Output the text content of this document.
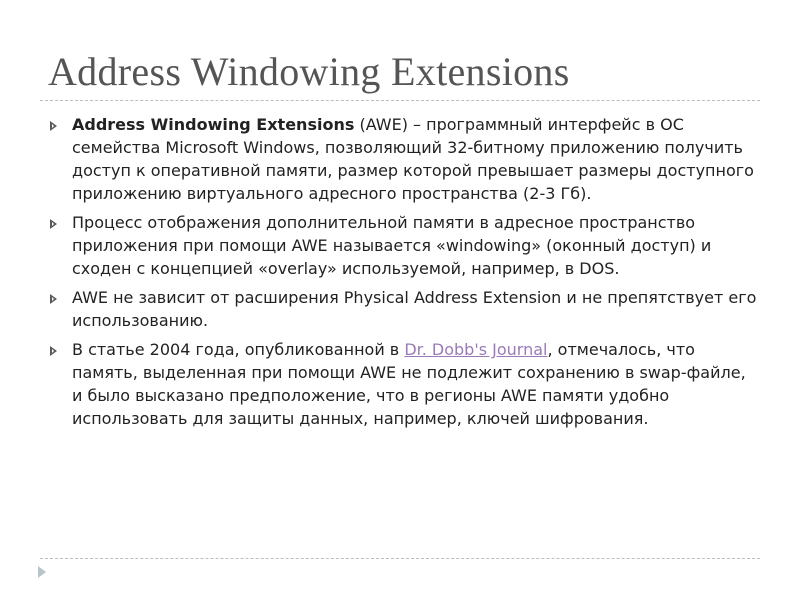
Address Windowing Extensions
Address Windowing Extensions (AWE) – программный интерфейс в ОС семейства Microsoft Windows, позволяющий 32-битному приложению получить доступ к оперативной памяти, размер которой превышает размеры доступного приложению виртуального адресного пространства (2-3 Гб).
Процесс отображения дополнительной памяти в адресное пространство приложения при помощи AWE называется «windowing» (оконный доступ) и сходен с концепцией «overlay» используемой, например, в DOS.
AWE не зависит от расширения Physical Address Extension и не препятствует его использованию.
В статье 2004 года, опубликованной в Dr. Dobb's Journal, отмечалось, что память, выделенная при помощи AWE не подлежит сохранению в swap-файле, и было высказано предположение, что в регионы AWE памяти удобно использовать для защиты данных, например, ключей шифрования.
